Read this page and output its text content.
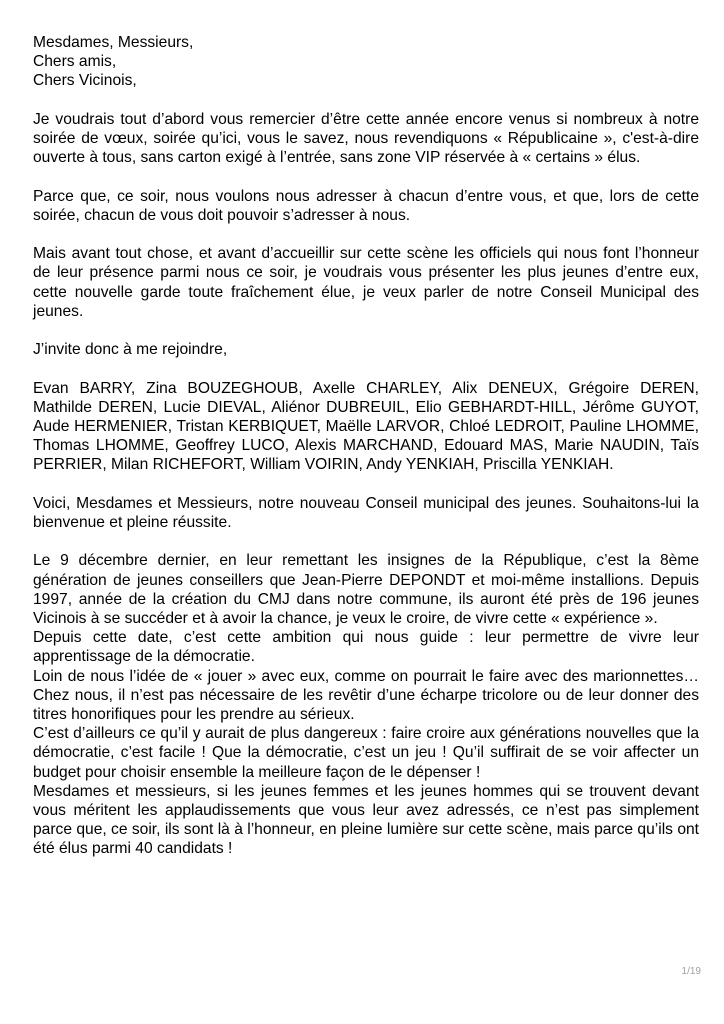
Mesdames, Messieurs,
Chers amis,
Chers Vicinois,

Je voudrais tout d’abord vous remercier d’être cette année encore venus si nombreux à notre soirée de vœux, soirée qu’ici, vous le savez, nous revendiquons « Républicaine », c'est-à-dire ouverte à tous, sans carton exigé à l’entrée, sans zone VIP réservée à « certains » élus.

Parce que, ce soir, nous voulons nous adresser à chacun d’entre vous, et que, lors de cette soirée, chacun de vous doit pouvoir s’adresser à nous.

Mais avant tout chose, et avant d’accueillir sur cette scène les officiels qui nous font l’honneur de leur présence parmi nous ce soir, je voudrais vous présenter les plus jeunes d’entre eux, cette nouvelle garde toute fraîchement élue, je veux parler de notre Conseil Municipal des jeunes.

J’invite donc à me rejoindre,

Evan BARRY, Zina BOUZEGHOUB, Axelle CHARLEY, Alix DENEUX, Grégoire DEREN, Mathilde DEREN, Lucie DIEVAL, Aliénor DUBREUIL, Elio GEBHARDT-HILL, Jérôme GUYOT, Aude HERMENIER, Tristan KERBIQUET, Maëlle LARVOR, Chloé LEDROIT, Pauline LHOMME, Thomas LHOMME, Geoffrey LUCO, Alexis MARCHAND, Edouard MAS, Marie NAUDIN, Taïs PERRIER, Milan RICHEFORT, William VOIRIN, Andy YENKIAH, Priscilla YENKIAH.

Voici, Mesdames et Messieurs, notre nouveau Conseil municipal des jeunes. Souhaitons-lui la bienvenue et pleine réussite.

Le 9 décembre dernier, en leur remettant les insignes de la République, c’est la 8ème génération de jeunes conseillers que Jean-Pierre DEPONDT et moi-même installions. Depuis 1997, année de la création du CMJ dans notre commune, ils auront été près de 196 jeunes Vicinois à se succéder et à avoir la chance, je veux le croire, de vivre cette « expérience ».

Depuis cette date, c’est cette ambition qui nous guide : leur permettre de vivre leur apprentissage de la démocratie.

Loin de nous l’idée de « jouer » avec eux, comme on pourrait le faire avec des marionnettes… Chez nous, il n’est pas nécessaire de les revêtir d’une écharpe tricolore ou de leur donner des titres honorifiques pour les prendre au sérieux.

C’est d’ailleurs ce qu’il y aurait de plus dangereux : faire croire aux générations nouvelles que la démocratie, c’est facile ! Que la démocratie, c’est un jeu ! Qu’il suffirait de se voir affecter un budget pour choisir ensemble la meilleure façon de le dépenser !

Mesdames et messieurs, si les jeunes femmes et les jeunes hommes qui se trouvent devant vous méritent les applaudissements que vous leur avez adressés, ce n’est pas simplement parce que, ce soir, ils sont là à l’honneur, en pleine lumière sur cette scène, mais parce qu’ils ont été élus parmi 40 candidats !

1/19
